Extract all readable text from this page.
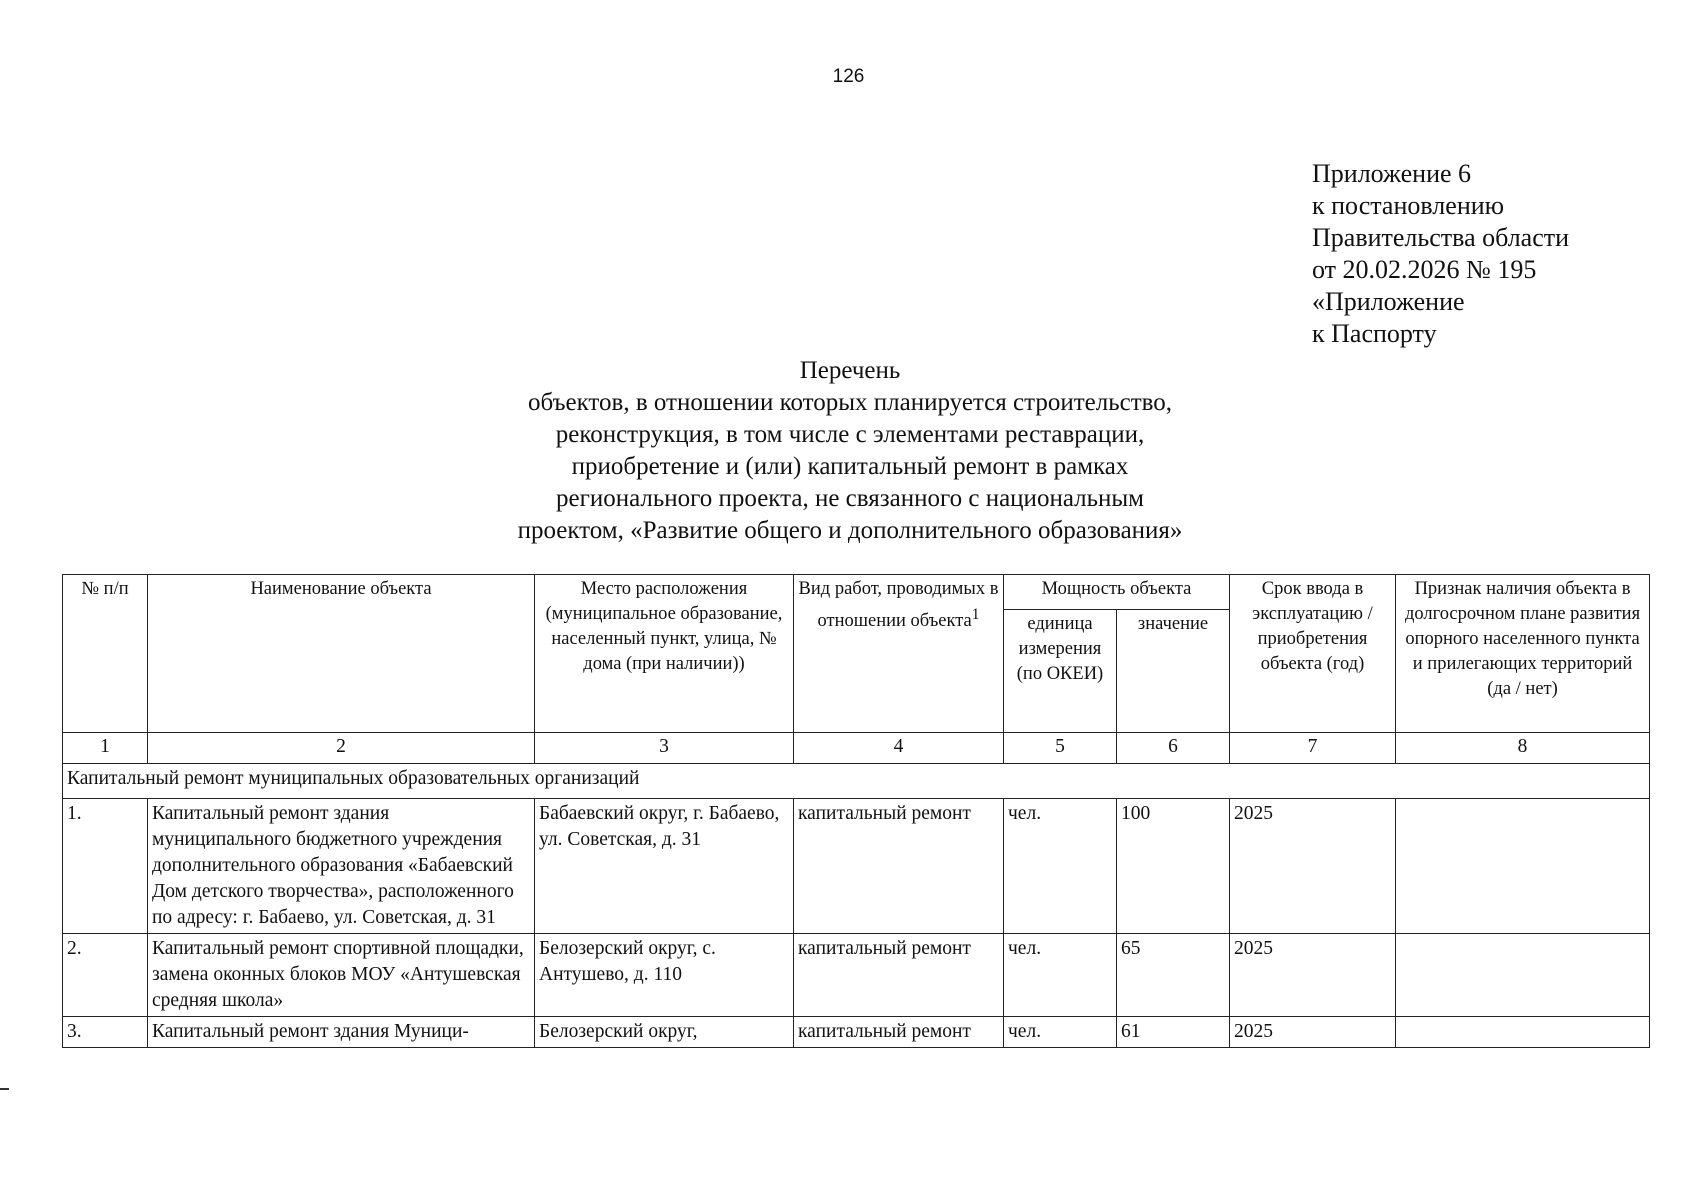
126
Приложение 6
к постановлению
Правительства области
от 20.02.2026 № 195
«Приложение
к Паспорту
Перечень
объектов, в отношении которых планируется строительство,
реконструкция, в том числе с элементами реставрации,
приобретение и (или) капитальный ремонт в рамках
регионального проекта, не связанного с национальным
проектом, «Развитие общего и дополнительного образования»
№ п/п	Наименование объекта	Место расположения (муниципальное образование, населенный пункт, улица, № дома (при наличии))	Вид работ, проводимых в отношении объекта$^1$	Мощность объекта		Срок ввода в эксплуатацию / приобретения объекта (год)	Признак наличия объекта в долгосрочном плане развития опорного населенного пункта и прилегающих территорий (да / нет)
				единица измерения (по ОКЕИ)	значение		
1	2	3	4	5	6	7	8
Капитальный ремонт муниципальных образовательных организаций							
1.	Капитальный ремонт здания муниципального бюджетного учреждения дополнительного образования «Бабаевский Дом детского творчества», расположенного по адресу: г. Бабаево, ул. Советская, д. 31	Бабаевский округ, г. Бабаево, ул. Советская, д. 31	капитальный ремонт	чел.	100	2025	
2.	Капитальный ремонт спортивной площадки, замена оконных блоков МОУ «Антушевская средняя школа»	Белозерский округ, с. Антушево, д. 110	капитальный ремонт	чел.	65	2025	
3.	Капитальный ремонт здания Муници-	Белозерский округ,	капитальный ремонт	чел.	61	2025	
